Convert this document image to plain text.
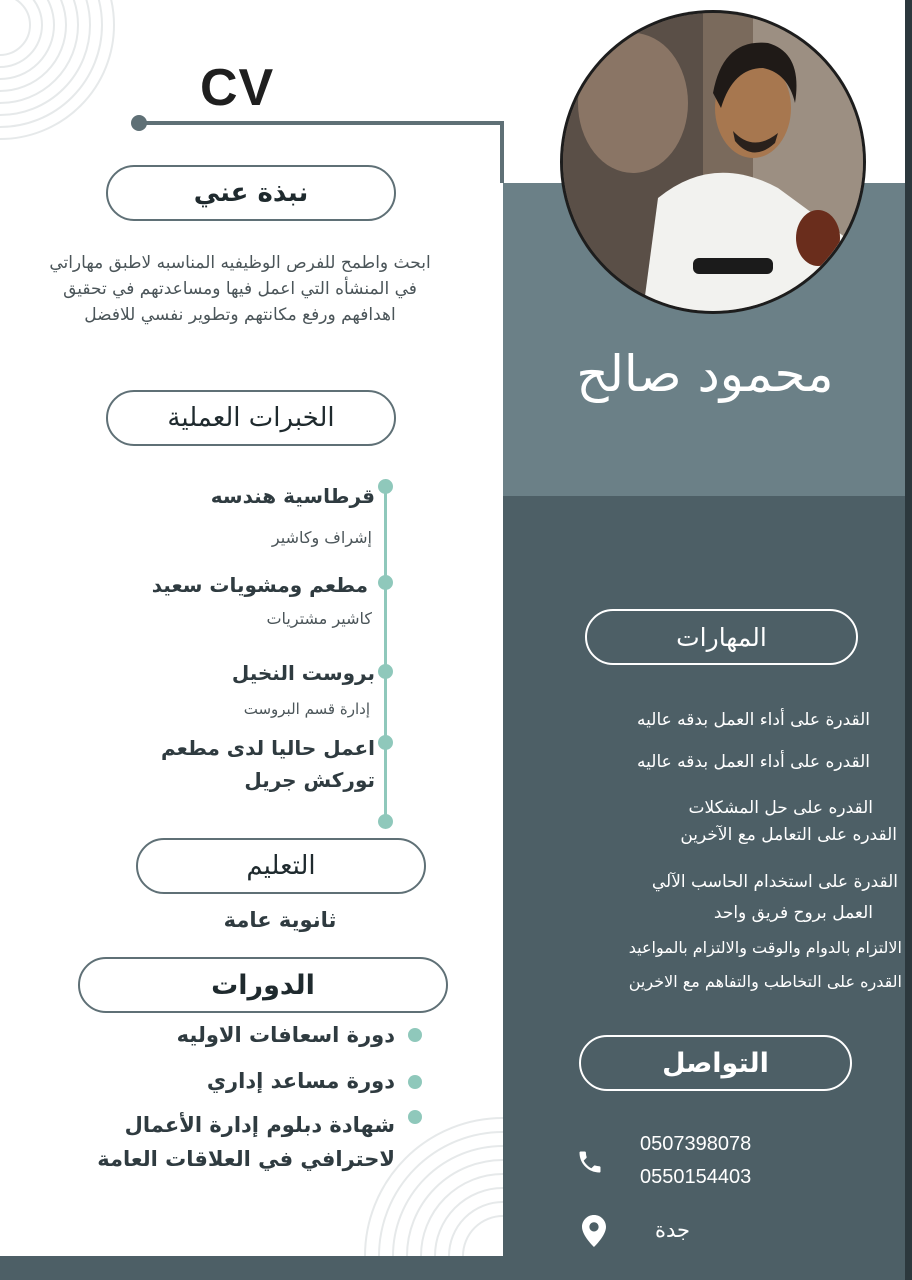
CV
محمود صالح
نبذة عني
ابحث واطمح للفرص الوظيفيه المناسبه لاطبق مهاراتي في المنشأه التي اعمل فيها ومساعدتهم في تحقيق اهدافهم ورفع مكانتهم وتطوير نفسي للافضل
الخبرات العملية
قرطاسية هندسه
إشراف وكاشير
مطعم ومشويات سعيد
كاشير مشتريات
بروست النخيل
إدارة قسم البروست
اعمل حاليا لدى مطعم
توركش جريل
التعليم
ثانوية عامة
الدورات
دورة اسعافات الاوليه
دورة مساعد إداري
شهادة دبلوم إدارة الأعمال
لاحترافي في العلاقات العامة
المهارات
القدرة على أداء العمل بدقه عاليه
القدره على أداء العمل بدقه عاليه
القدره على حل المشكلات
القدره على التعامل مع الآخرين
القدرة على استخدام الحاسب الآلي
العمل بروح فريق واحد
الالتزام بالدوام والوقت والالتزام بالمواعيد
القدره على التخاطب والتفاهم مع الاخرين
التواصل
0507398078
0550154403
جدة
